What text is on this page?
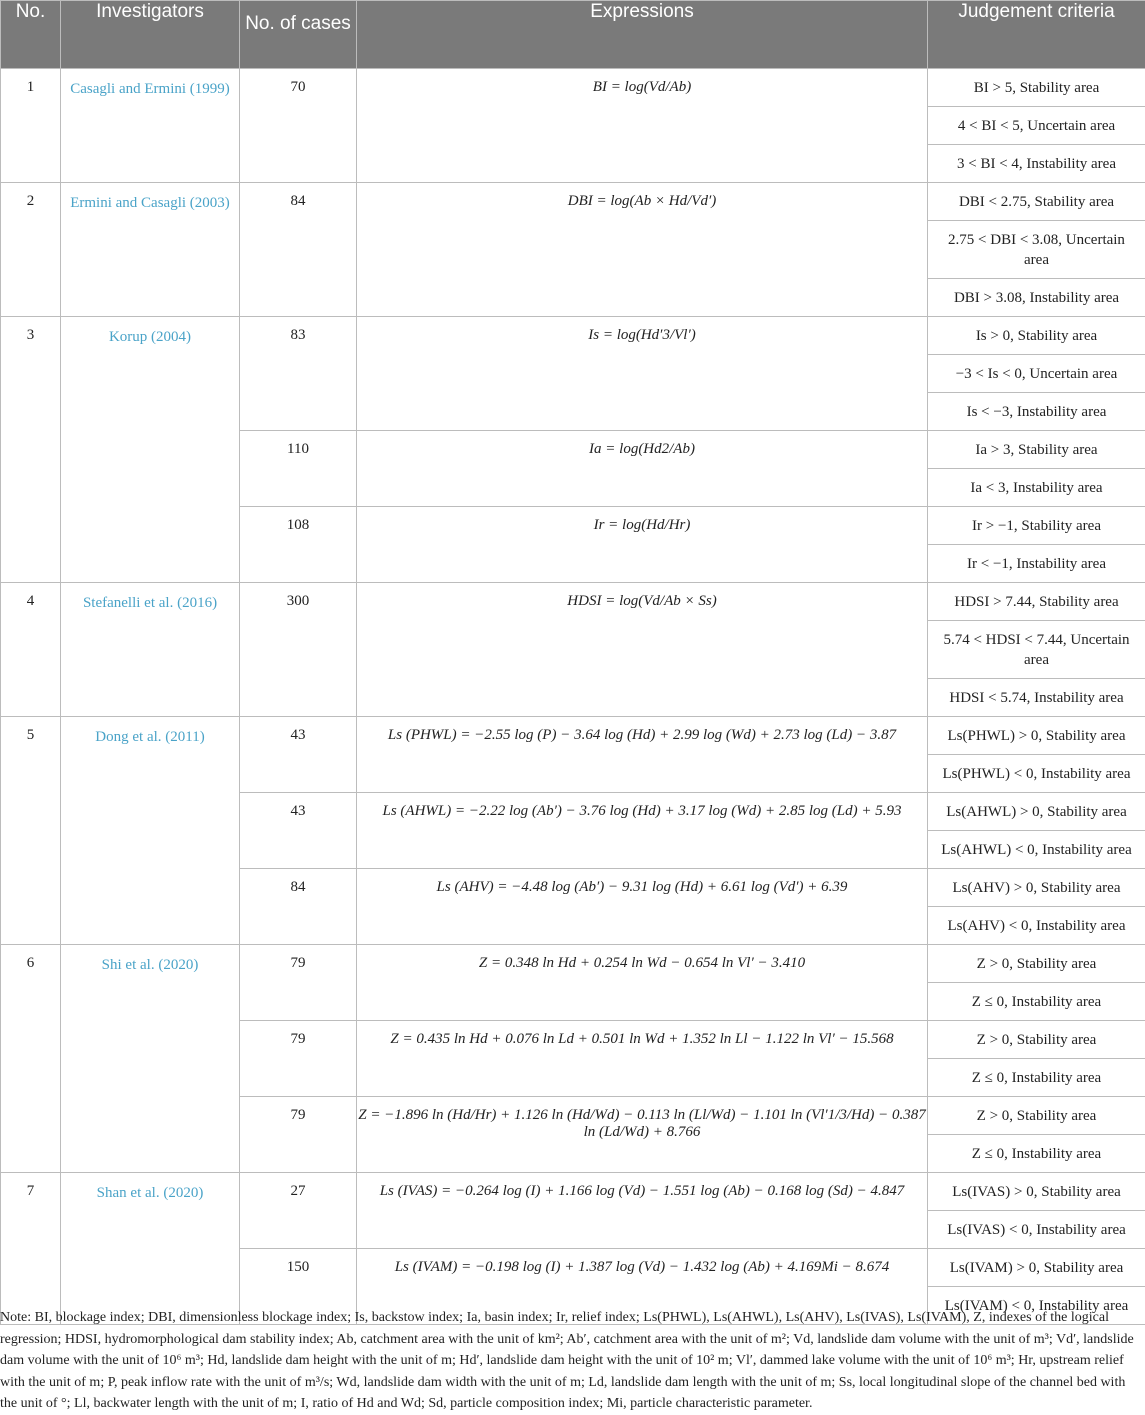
No.	Investigators	No. of cases	Expressions	Judgement criteria
1	Casagli and Ermini (1999)	70	BI = log(Vd/Ab)	BI > 5, Stability area

				4 < BI < 5, Uncertain area

				3 < BI < 4, Instability area

2	Ermini and Casagli (2003)	84	DBI = log(Ab × Hd/Vd′)	DBI < 2.75, Stability area

				2.75 < DBI < 3.08, Uncertain area

				DBI > 3.08, Instability area

3	Korup (2004)	83	Is = log(Hd′3/Vl′)	Is > 0, Stability area

				−3 < Is < 0, Uncertain area

				Is < −3, Instability area

		110	Ia = log(Hd2/Ab)	Ia > 3, Stability area

				Ia < 3, Instability area

		108	Ir = log(Hd/Hr)	Ir > −1, Stability area

				Ir < −1, Instability area

4	Stefanelli et al. (2016)	300	HDSI = log(Vd/Ab × Ss)	HDSI > 7.44, Stability area

				5.74 < HDSI < 7.44, Uncertain area

				HDSI < 5.74, Instability area

5	Dong et al. (2011)	43	Ls (PHWL) = −2.55 log (P) − 3.64 log (Hd) + 2.99 log (Wd) + 2.73 log (Ld) − 3.87	Ls(PHWL) > 0, Stability area

				Ls(PHWL) < 0, Instability area

		43	Ls (AHWL) = −2.22 log (Ab′) − 3.76 log (Hd) + 3.17 log (Wd) + 2.85 log (Ld) + 5.93	Ls(AHWL) > 0, Stability area

				Ls(AHWL) < 0, Instability area

		84	Ls (AHV) = −4.48 log (Ab′) − 9.31 log (Hd) + 6.61 log (Vd′) + 6.39	Ls(AHV) > 0, Stability area

				Ls(AHV) < 0, Instability area

6	Shi et al. (2020)	79	Z = 0.348 ln Hd + 0.254 ln Wd − 0.654 ln Vl′ − 3.410	Z > 0, Stability area

				Z ≤ 0, Instability area

		79	Z = 0.435 ln Hd + 0.076 ln Ld + 0.501 ln Wd + 1.352 ln Ll − 1.122 ln Vl′ − 15.568	Z > 0, Stability area

				Z ≤ 0, Instability area

		79	Z = −1.896 ln (Hd/Hr) + 1.126 ln (Hd/Wd) − 0.113 ln (Ll/Wd) − 1.101 ln (Vl′1/3/Hd) − 0.387 ln (Ld/Wd) + 8.766	Z > 0, Stability area

				Z ≤ 0, Instability area

7	Shan et al. (2020)	27	Ls (IVAS) = −0.264 log (I) + 1.166 log (Vd) − 1.551 log (Ab) − 0.168 log (Sd) − 4.847	Ls(IVAS) > 0, Stability area

				Ls(IVAS) < 0, Instability area

		150	Ls (IVAM) = −0.198 log (I) + 1.387 log (Vd) − 1.432 log (Ab) + 4.169Mi − 8.674	Ls(IVAM) > 0, Stability area

				Ls(IVAM) < 0, Instability area
Note: BI, blockage index; DBI, dimensionless blockage index; Is, backstow index; Ia, basin index; Ir, relief index; Ls(PHWL), Ls(AHWL), Ls(AHV), Ls(IVAS), Ls(IVAM), Z, indexes of the logical regression; HDSI, hydromorphological dam stability index; Ab, catchment area with the unit of km²; Ab′, catchment area with the unit of m²; Vd, landslide dam volume with the unit of m³; Vd′, landslide dam volume with the unit of 10⁶ m³; Hd, landslide dam height with the unit of m; Hd′, landslide dam height with the unit of 10² m; Vl′, dammed lake volume with the unit of 10⁶ m³; Hr, upstream relief with the unit of m; P, peak inflow rate with the unit of m³/s; Wd, landslide dam width with the unit of m; Ld, landslide dam length with the unit of m; Ss, local longitudinal slope of the channel bed with the unit of °; Ll, backwater length with the unit of m; I, ratio of Hd and Wd; Sd, particle composition index; Mi, particle characteristic parameter.
